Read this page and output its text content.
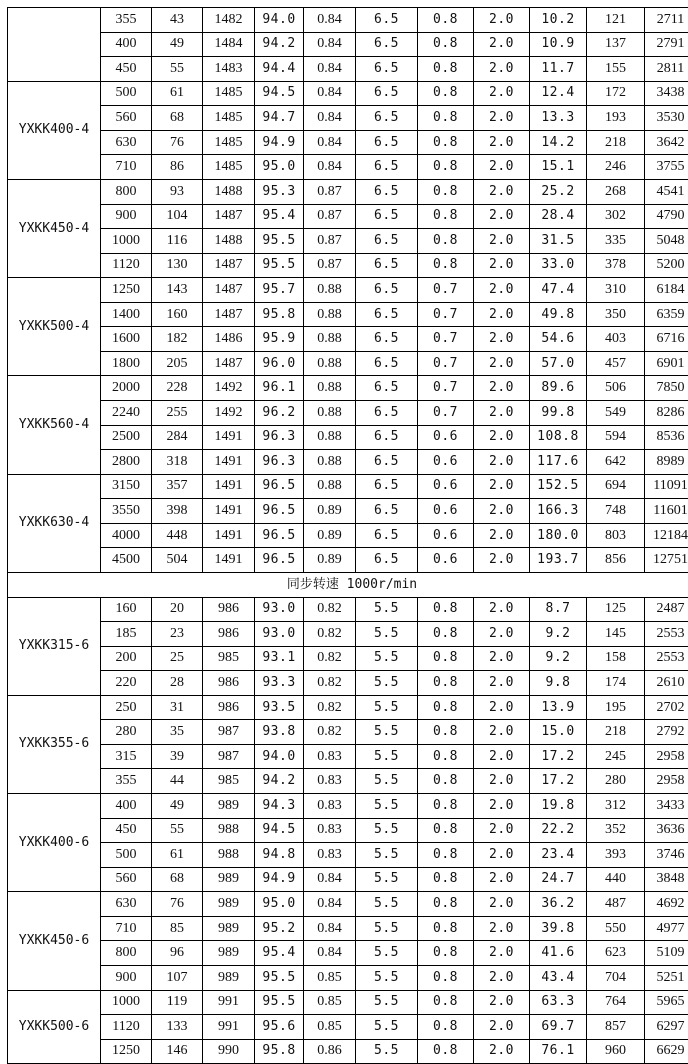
	355	43	1482	94.0	0.84	6.5	0.8	2.0	10.2	121	2711
	400	49	1484	94.2	0.84	6.5	0.8	2.0	10.9	137	2791
	450	55	1483	94.4	0.84	6.5	0.8	2.0	11.7	155	2811
YXKK400-4	500	61	1485	94.5	0.84	6.5	0.8	2.0	12.4	172	3438
	560	68	1485	94.7	0.84	6.5	0.8	2.0	13.3	193	3530
	630	76	1485	94.9	0.84	6.5	0.8	2.0	14.2	218	3642
	710	86	1485	95.0	0.84	6.5	0.8	2.0	15.1	246	3755
YXKK450-4	800	93	1488	95.3	0.87	6.5	0.8	2.0	25.2	268	4541
	900	104	1487	95.4	0.87	6.5	0.8	2.0	28.4	302	4790
	1000	116	1488	95.5	0.87	6.5	0.8	2.0	31.5	335	5048
	1120	130	1487	95.5	0.87	6.5	0.8	2.0	33.0	378	5200
YXKK500-4	1250	143	1487	95.7	0.88	6.5	0.7	2.0	47.4	310	6184
	1400	160	1487	95.8	0.88	6.5	0.7	2.0	49.8	350	6359
	1600	182	1486	95.9	0.88	6.5	0.7	2.0	54.6	403	6716
	1800	205	1487	96.0	0.88	6.5	0.7	2.0	57.0	457	6901
YXKK560-4	2000	228	1492	96.1	0.88	6.5	0.7	2.0	89.6	506	7850
	2240	255	1492	96.2	0.88	6.5	0.7	2.0	99.8	549	8286
	2500	284	1491	96.3	0.88	6.5	0.6	2.0	108.8	594	8536
	2800	318	1491	96.3	0.88	6.5	0.6	2.0	117.6	642	8989
YXKK630-4	3150	357	1491	96.5	0.88	6.5	0.6	2.0	152.5	694	11091
	3550	398	1491	96.5	0.89	6.5	0.6	2.0	166.3	748	11601
	4000	448	1491	96.5	0.89	6.5	0.6	2.0	180.0	803	12184
	4500	504	1491	96.5	0.89	6.5	0.6	2.0	193.7	856	12751
同步转速 1000r/min											
YXKK315-6	160	20	986	93.0	0.82	5.5	0.8	2.0	8.7	125	2487
	185	23	986	93.0	0.82	5.5	0.8	2.0	9.2	145	2553
	200	25	985	93.1	0.82	5.5	0.8	2.0	9.2	158	2553
	220	28	986	93.3	0.82	5.5	0.8	2.0	9.8	174	2610
YXKK355-6	250	31	986	93.5	0.82	5.5	0.8	2.0	13.9	195	2702
	280	35	987	93.8	0.82	5.5	0.8	2.0	15.0	218	2792
	315	39	987	94.0	0.83	5.5	0.8	2.0	17.2	245	2958
	355	44	985	94.2	0.83	5.5	0.8	2.0	17.2	280	2958
YXKK400-6	400	49	989	94.3	0.83	5.5	0.8	2.0	19.8	312	3433
	450	55	988	94.5	0.83	5.5	0.8	2.0	22.2	352	3636
	500	61	988	94.8	0.83	5.5	0.8	2.0	23.4	393	3746
	560	68	989	94.9	0.84	5.5	0.8	2.0	24.7	440	3848
YXKK450-6	630	76	989	95.0	0.84	5.5	0.8	2.0	36.2	487	4692
	710	85	989	95.2	0.84	5.5	0.8	2.0	39.8	550	4977
	800	96	989	95.4	0.84	5.5	0.8	2.0	41.6	623	5109
	900	107	989	95.5	0.85	5.5	0.8	2.0	43.4	704	5251
YXKK500-6	1000	119	991	95.5	0.85	5.5	0.8	2.0	63.3	764	5965
	1120	133	991	95.6	0.85	5.5	0.8	2.0	69.7	857	6297
	1250	146	990	95.8	0.86	5.5	0.8	2.0	76.1	960	6629
